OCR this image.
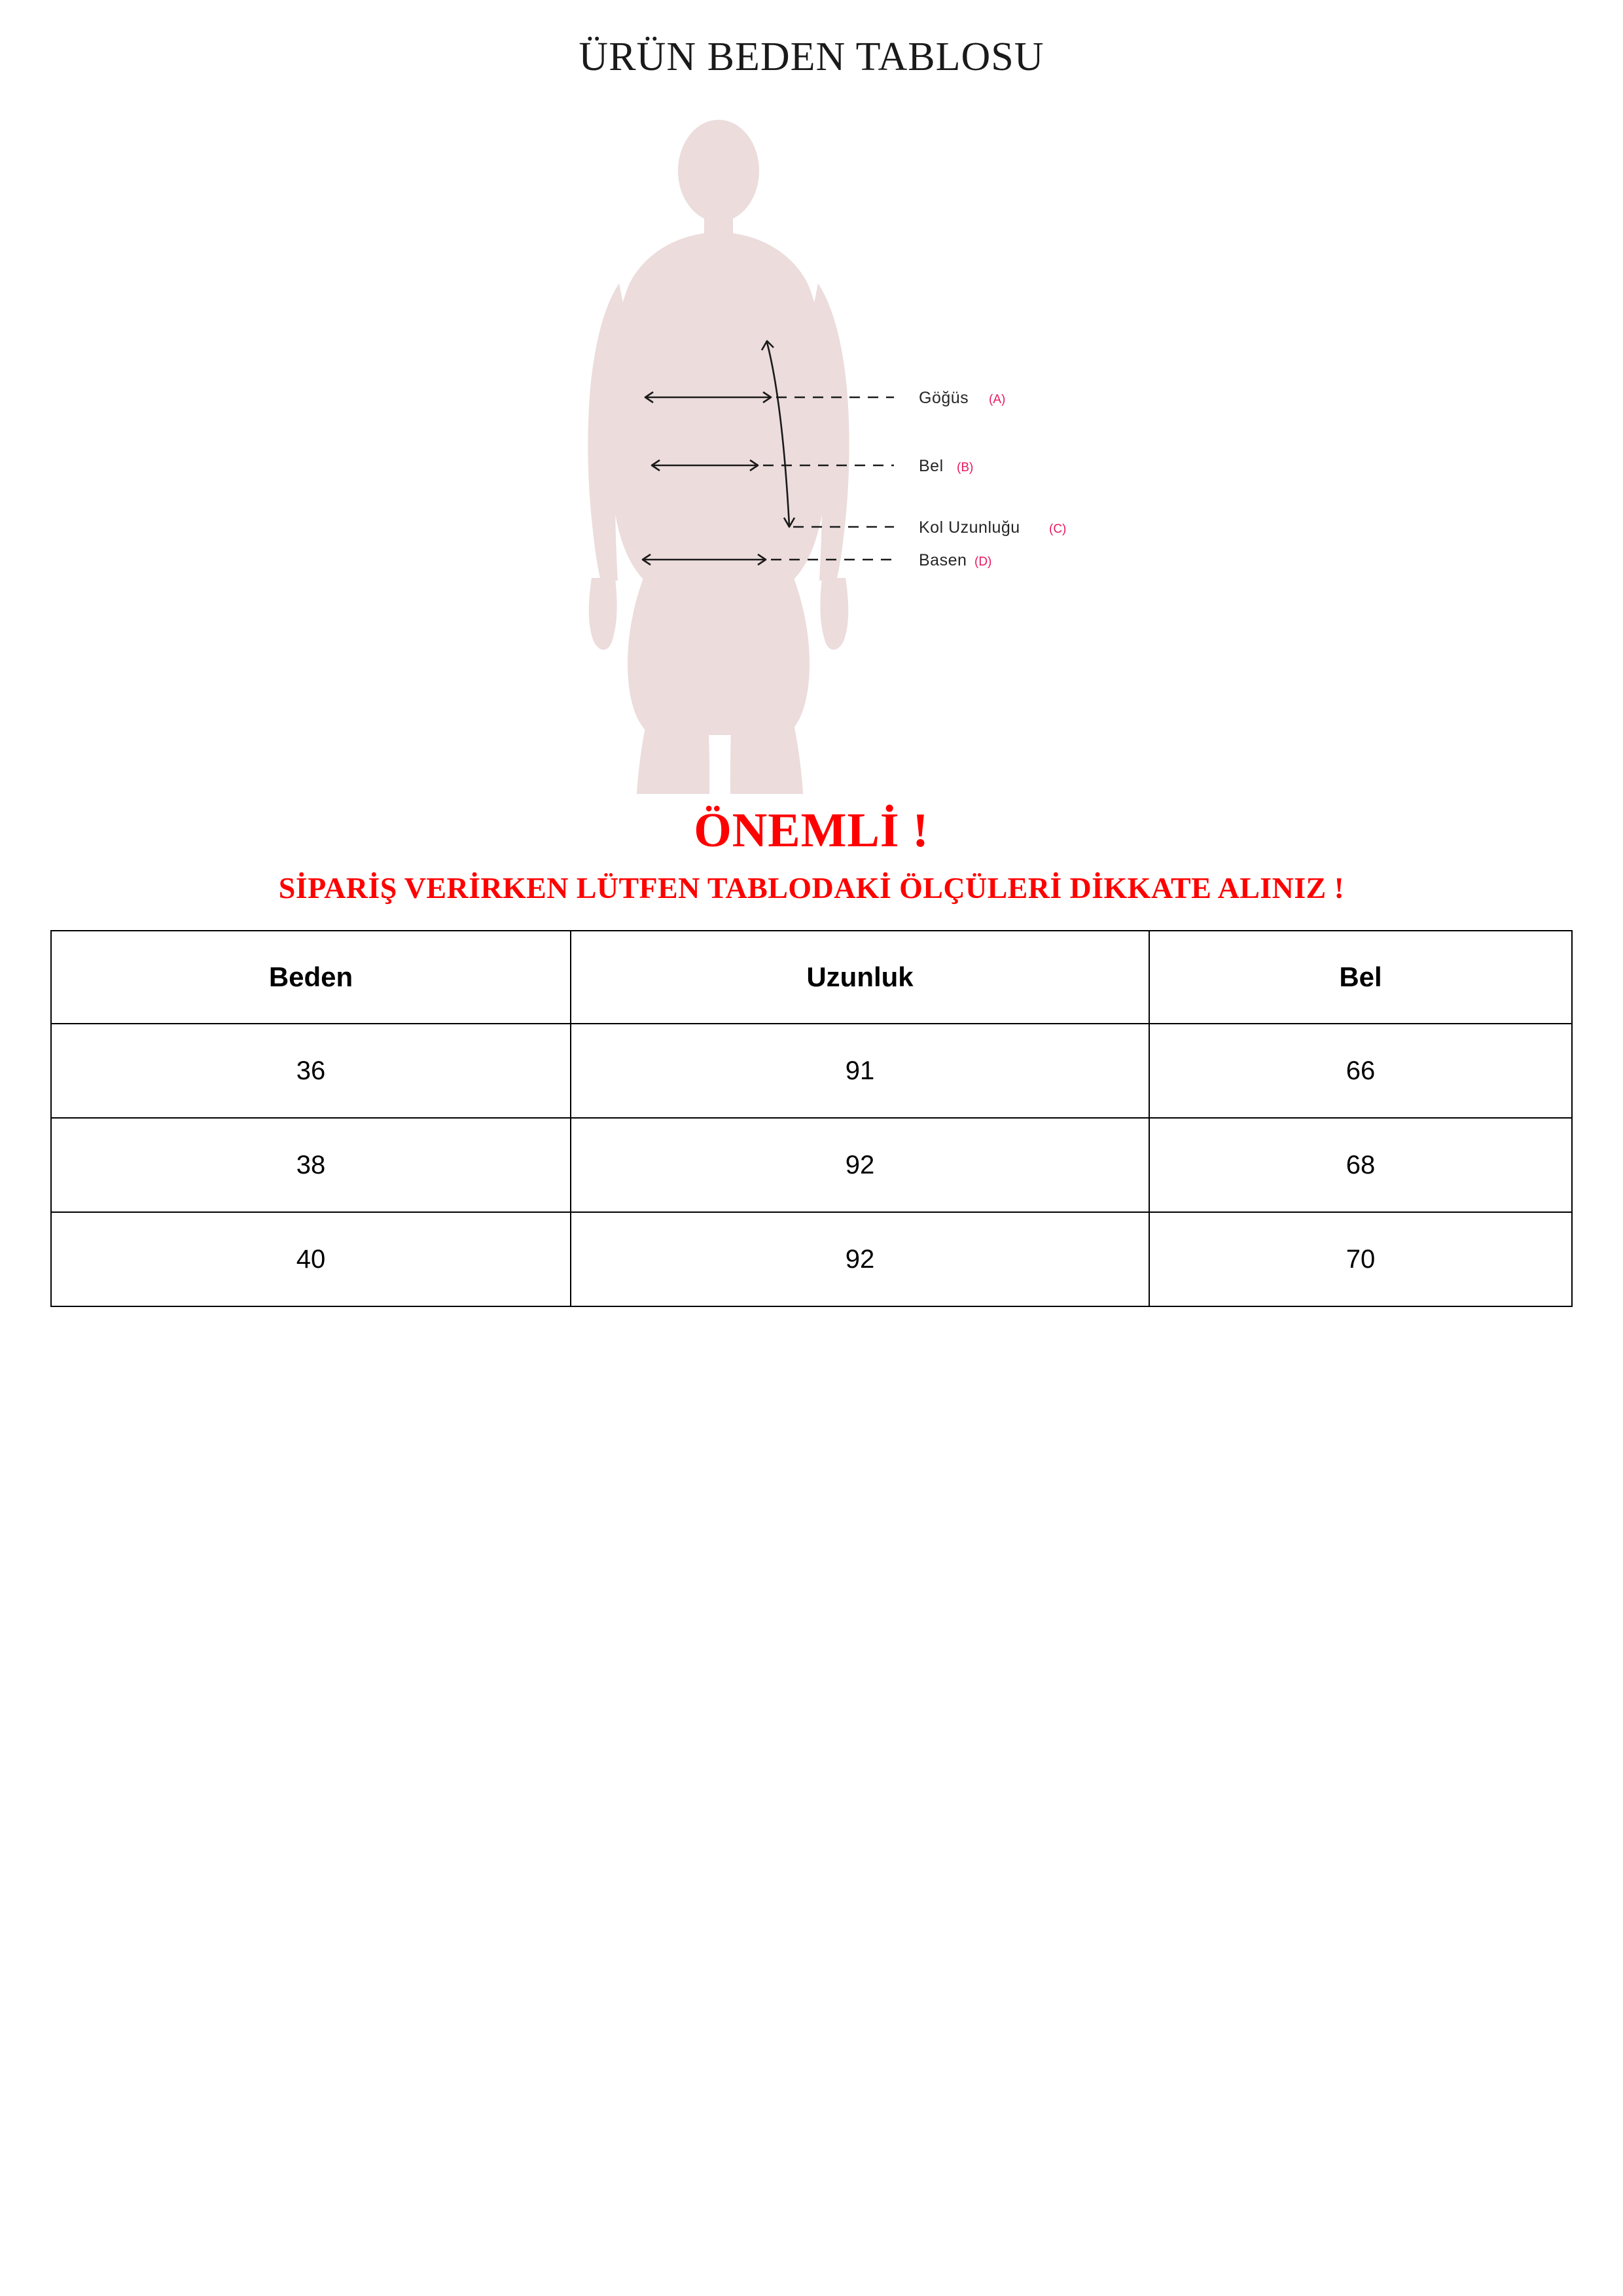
ÜRÜN BEDEN TABLOSU
Göğüs (A)
Bel (B)
Kol Uzunluğu (C)
Basen (D)

ÖNEMLİ !

SİPARİŞ VERİRKEN LÜTFEN TABLODAKİ ÖLÇÜLERİ DİKKATE ALINIZ !

Beden	Uzunluk	Bel
36	91	66
38	92	68
40	92	70
